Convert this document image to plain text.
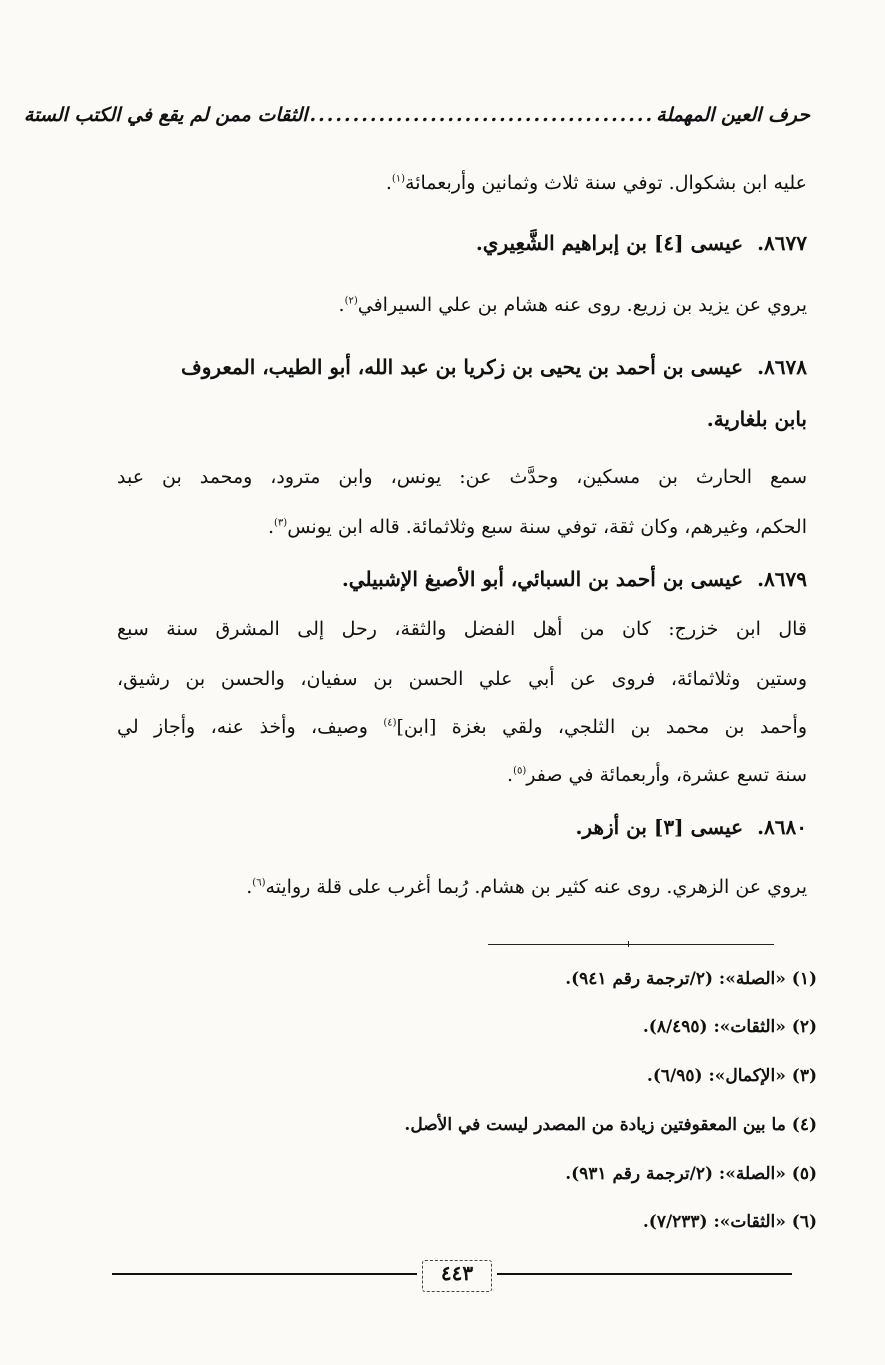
حرف العين المهملة
........................................
الثقات ممن لم يقع في الكتب الستة
عليه ابن بشكوال. توفي سنة ثلاث وثمانين وأربعمائة$^{(١)}$.
٨٦٧٧.عيسى [٤] بن إبراهيم الشَّعِيري.
يروي عن يزيد بن زريع. روى عنه هشام بن علي السيرافي$^{(٢)}$.
٨٦٧٨.عيسى بن أحمد بن يحيى بن زكريا بن عبد الله، أبو الطيب، المعروف
بابن بلغارية.
سمع الحارث بن مسكين، وحدَّث عن: يونس، وابن مترود، ومحمد بن عبد
الحكم، وغيرهم، وكان ثقة، توفي سنة سبع وثلاثمائة. قاله ابن يونس$^{(٣)}$.
٨٦٧٩.عيسى بن أحمد بن السبائي، أبو الأصبغ الإشبيلي.
قال ابن خزرج: كان من أهل الفضل والثقة، رحل إلى المشرق سنة سبع
وستين وثلاثمائة، فروى عن أبي علي الحسن بن سفيان، والحسن بن رشيق،
وأحمد بن محمد بن الثلجي، ولقي بغزة [ابن]$^{(٤)}$ وصيف، وأخذ عنه، وأجاز لي
سنة تسع عشرة، وأربعمائة في صفر$^{(٥)}$.
٨٦٨٠.عيسى [٣] بن أزهر.
يروي عن الزهري. روى عنه كثير بن هشام. رُبما أغرب على قلة روايته$^{(٦)}$.
(١) «الصلة»: (٢/ترجمة رقم ٩٤١).
(٢) «الثقات»: (٨/٤٩٥).
(٣) «الإكمال»: (٦/٩٥).
(٤) ما بين المعقوفتين زيادة من المصدر ليست في الأصل.
(٥) «الصلة»: (٢/ترجمة رقم ٩٣١).
(٦) «الثقات»: (٧/٢٣٣).
٤٤٣
